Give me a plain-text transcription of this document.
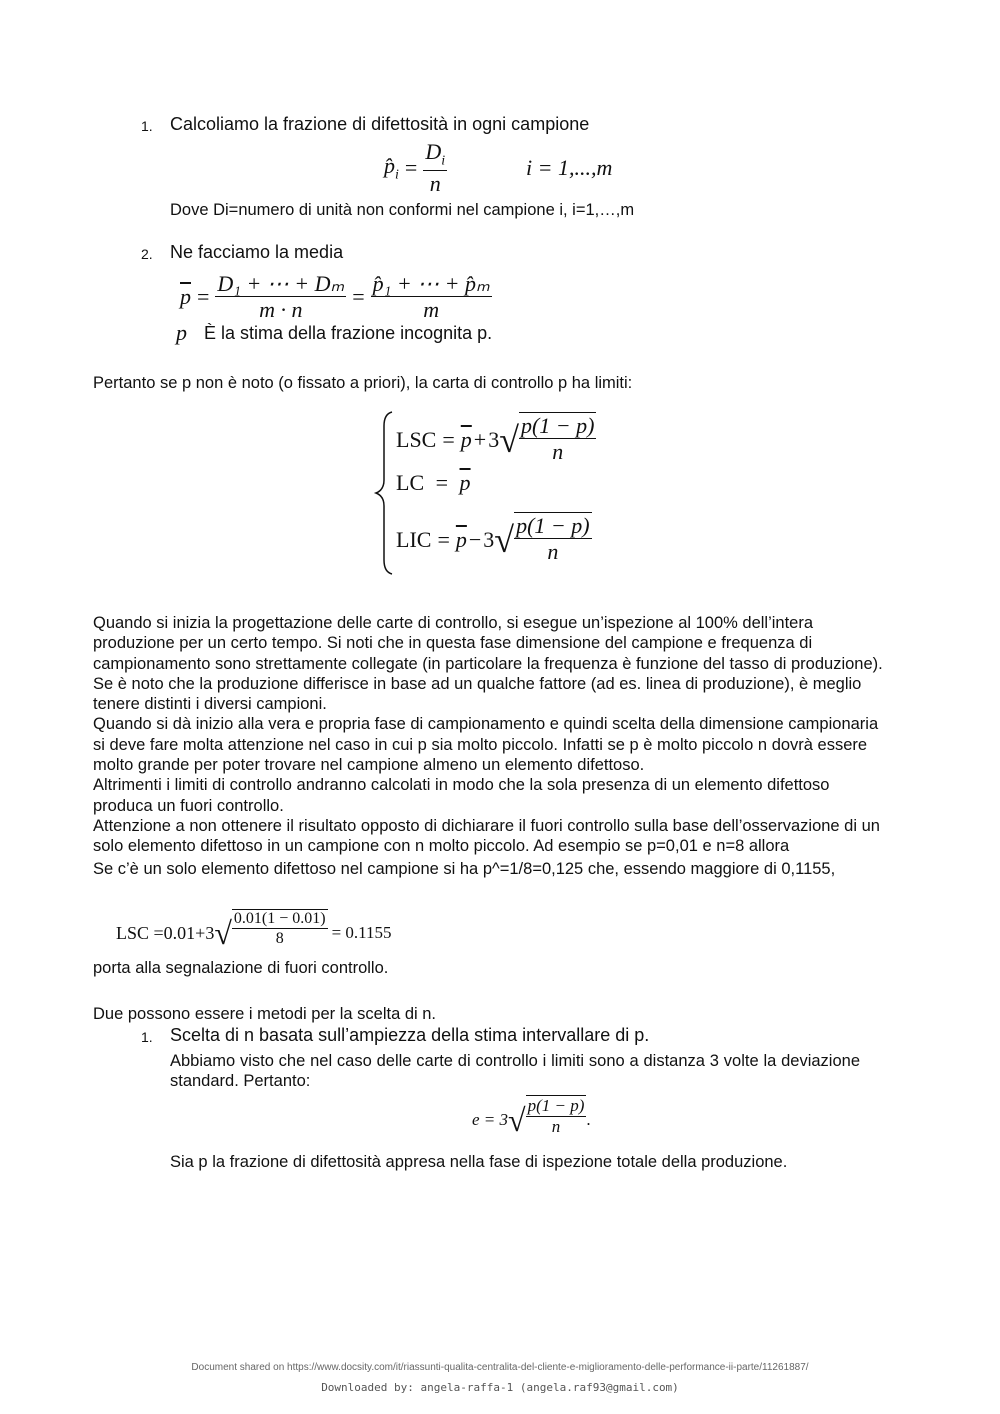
1. Calcoliamo la frazione di difettosità in ogni campione
$p̂_i = \frac{D_i}{n}$	i = 1,...,m
Dove Di=numero di unità non conformi nel campione i, i=1,…,m
2. Ne facciamo la media
$\overline{p} = \frac{\text{D₁ + ⋯ + Dₘ}}{m \cdot n} = \frac{\text{p̂₁ + ⋯ + p̂ₘ}}{m}$
p È la stima della frazione incognita p.
Pertanto se p non è noto (o fissato a priori), la carta di controllo p ha limiti:
LSC = $\overline{p} + 3$ √ $\frac{p(1 - p)}{n}$
LC = $\overline{p}$
LIC = $\overline{p} - 3$ √ $\frac{p(1 - p)}{n}$

Quando si inizia la progettazione delle carte di controllo, si esegue un’ispezione al 100% dell’intera produzione per un certo tempo. Si noti che in questa fase dimensione del campione e frequenza di campionamento sono strettamente collegate (in particolare la frequenza è funzione del tasso di produzione).

Se è noto che la produzione differisce in base ad un qualche fattore (ad es. linea di produzione), è meglio tenere distinti i diversi campioni.

Quando si dà inizio alla vera e propria fase di campionamento e quindi scelta della dimensione campionaria si deve fare molta attenzione nel caso in cui p sia molto piccolo. Infatti se p è molto piccolo n dovrà essere molto grande per poter trovare nel campione almeno un elemento difettoso.

Altrimenti i limiti di controllo andranno calcolati in modo che la sola presenza di un elemento difettoso produca un fuori controllo.

Attenzione a non ottenere il risultato opposto di dichiarare il fuori controllo sulla base dell’osservazione di un solo elemento difettoso in un campione con n molto piccolo. Ad esempio se p=0,01 e n=8 allora

Se c’è un solo elemento difettoso nel campione si ha p^=1/8=0,125 che, essendo maggiore di 0,1155,

LSC =0.01+3 √ $\frac{0.01(1 - 0.01)}{8} = 0.1155$
porta alla segnalazione di fuori controllo.
Due possono essere i metodi per la scelta di n.
1. Scelta di n basata sull’ampiezza della stima intervallare di p.
Abbiamo visto che nel caso delle carte di controllo i limiti sono a distanza 3 volte la deviazione standard. Pertanto:
e = 3 √ $\frac{p(1 - p)}{n}$ .
Sia p la frazione di difettosità appresa nella fase di ispezione totale della produzione.
Document shared on https://www.docsity.com/it/riassunti-qualita-centralita-del-cliente-e-miglioramento-delle-performance-ii-parte/11261887/
Downloaded by: angela-raffa-1 (angela.raf93@gmail.com)
